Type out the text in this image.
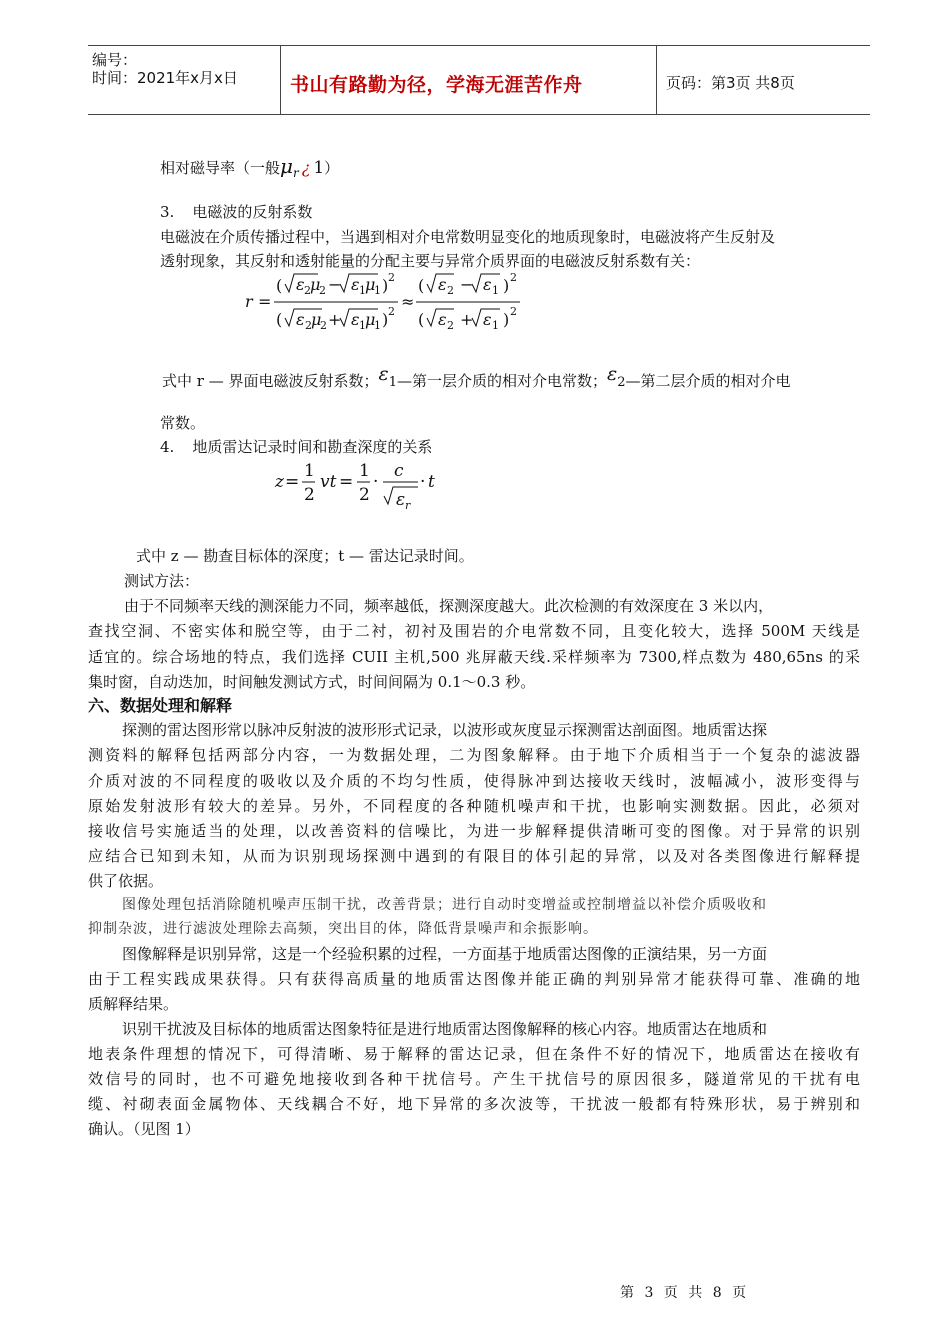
编号：
时间：2021年x月x日	书山有路勤为径，学海无涯苦作舟	页码：第3页 共8页
相对磁导率（一般$\mu_r$ ¿ 1）
3. 电磁波的反射系数
电磁波在介质传播过程中，当遇到相对介电常数明显变化的地质现象时，电磁波将产生反射及
透射现象，其反射和透射能量的分配主要与异常介质界面的电磁波反射系数有关：
r =
( ε 2 μ
2 − ε 1 μ
1 ) 2
( ε 2 μ
2 + ε 1 μ
1 ) 2
≈
( ε 2 − ε 1 ) 2
( ε 2 + ε 1 ) 2
式中 r — 界面电磁波反射系数；ε1—第一层介质的相对介电常数；ε2—第二层介质的相对介电
常数。
4. 地质雷达记录时间和勘查深度的关系
z =
1
2
vt =
1
2
·
c
ε r
· t
式中 z — 勘查目标体的深度；t — 雷达记录时间。
测试方法：
由于不同频率天线的测深能力不同，频率越低，探测深度越大。此次检测的有效深度在 3 米以内，
查找空洞、不密实体和脱空等，由于二衬，初衬及围岩的介电常数不同，且变化较大，选择 500M 天线是
适宜的。综合场地的特点，我们选择 CUII 主机,500 兆屏蔽天线.采样频率为 7300,样点数为 480,65ns 的采
集时窗，自动迭加，时间触发测试方式，时间间隔为 0.1～0.3 秒。
六、数据处理和解释
探测的雷达图形常以脉冲反射波的波形形式记录，以波形或灰度显示探测雷达剖面图。地质雷达探
测资料的解释包括两部分内容，一为数据处理，二为图象解释。由于地下介质相当于一个复杂的滤波器
介质对波的不同程度的吸收以及介质的不均匀性质，使得脉冲到达接收天线时，波幅减小，波形变得与
原始发射波形有较大的差异。另外，不同程度的各种随机噪声和干扰，也影响实测数据。因此，必须对
接收信号实施适当的处理，以改善资料的信噪比，为进一步解释提供清晰可变的图像。对于异常的识别
应结合已知到未知，从而为识别现场探测中遇到的有限目的体引起的异常，以及对各类图像进行解释提
供了依据。
图像处理包括消除随机噪声压制干扰，改善背景；进行自动时变增益或控制增益以补偿介质吸收和
抑制杂波，进行滤波处理除去高频，突出目的体，降低背景噪声和余振影响。
图像解释是识别异常，这是一个经验积累的过程，一方面基于地质雷达图像的正演结果，另一方面
由于工程实践成果获得。只有获得高质量的地质雷达图像并能正确的判别异常才能获得可靠、准确的地
质解释结果。
识别干扰波及目标体的地质雷达图象特征是进行地质雷达图像解释的核心内容。地质雷达在地质和
地表条件理想的情况下，可得清晰、易于解释的雷达记录，但在条件不好的情况下，地质雷达在接收有
效信号的同时，也不可避免地接收到各种干扰信号。产生干扰信号的原因很多，隧道常见的干扰有电
缆、衬砌表面金属物体、天线耦合不好，地下异常的多次波等，干扰波一般都有特殊形状，易于辨别和
确认。（见图 1）
第 3 页 共 8 页
